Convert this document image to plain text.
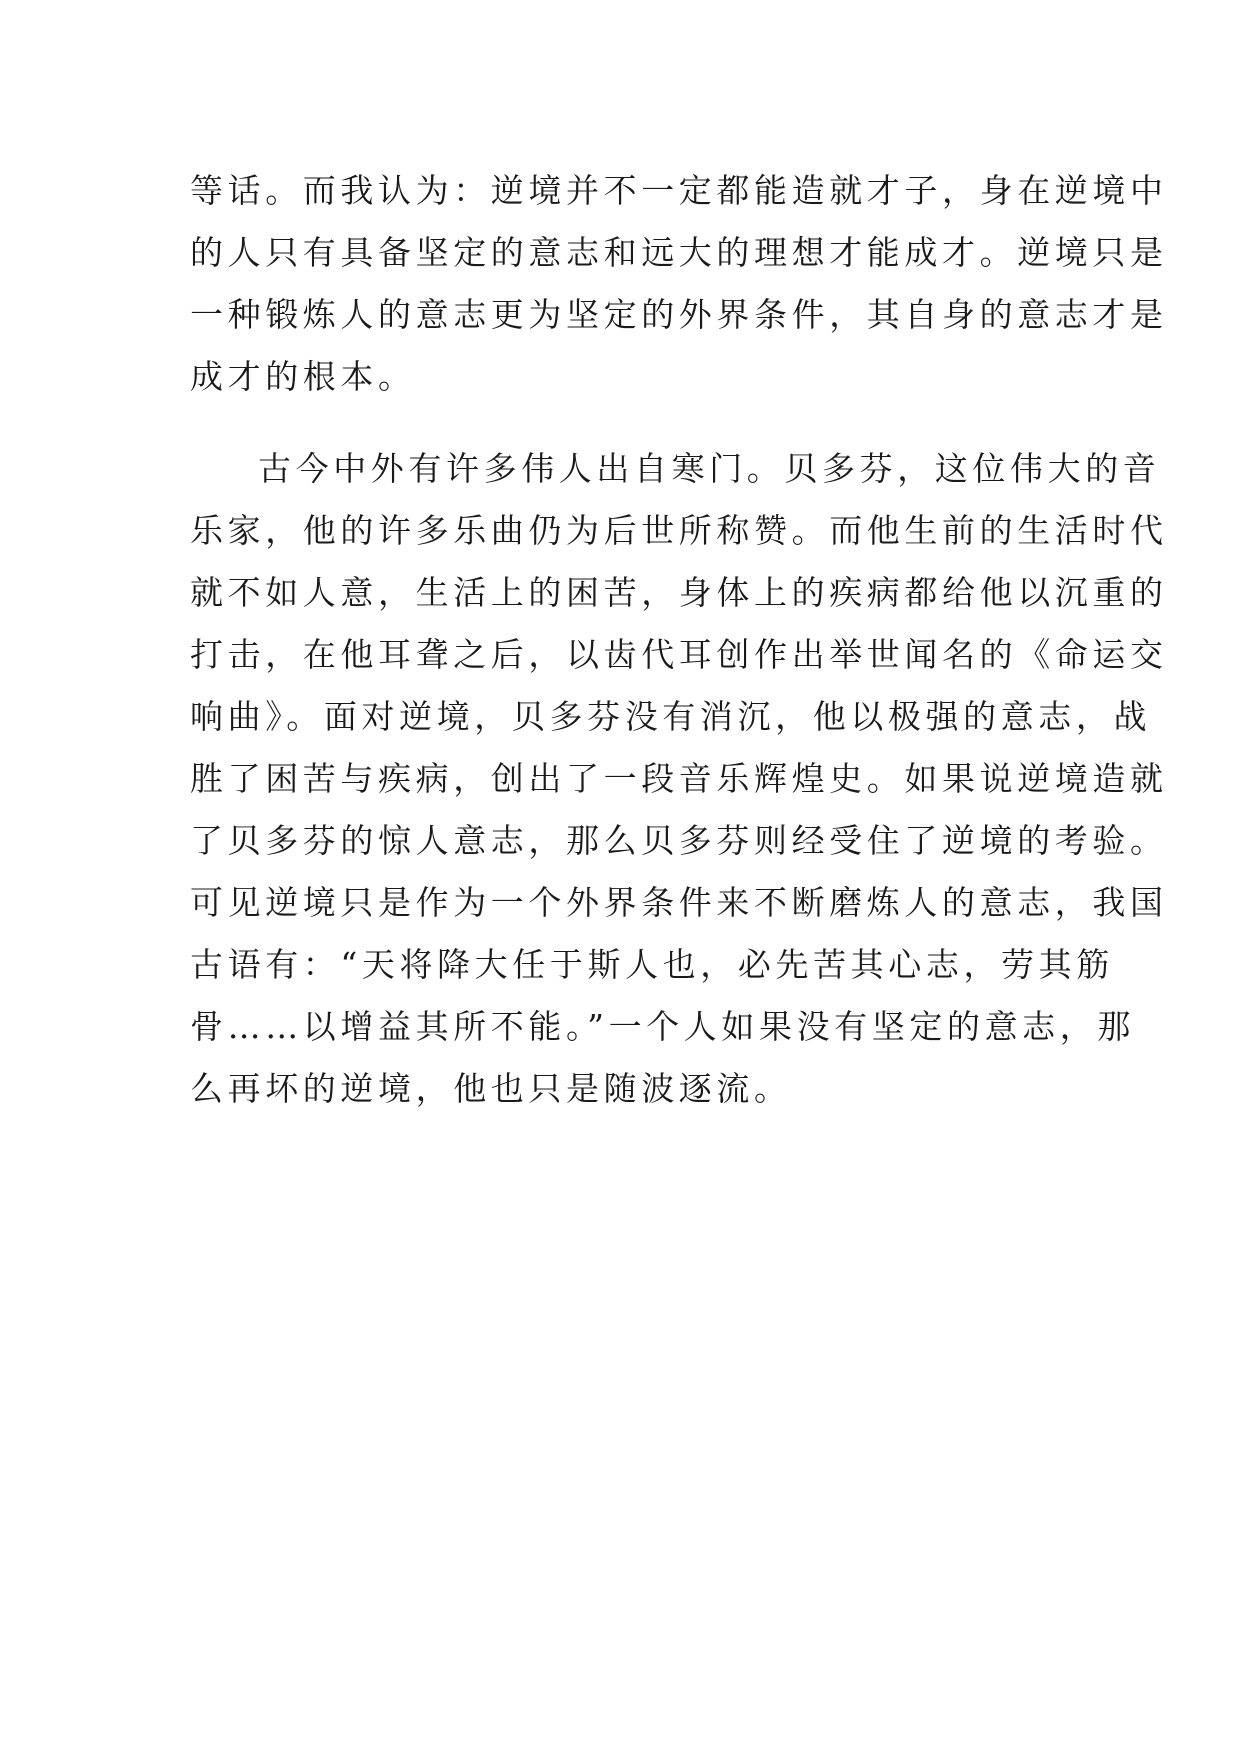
等话。而我认为：逆境并不一定都能造就才子，身在逆境中
的人只有具备坚定的意志和远大的理想才能成才。逆境只是
一种锻炼人的意志更为坚定的外界条件，其自身的意志才是
成才的根本。
古今中外有许多伟人出自寒门。贝多芬，这位伟大的音
乐家，他的许多乐曲仍为后世所称赞。而他生前的生活时代
就不如人意，生活上的困苦，身体上的疾病都给他以沉重的
打击，在他耳聋之后，以齿代耳创作出举世闻名的《命运交
响曲》。面对逆境，贝多芬没有消沉，他以极强的意志，战
胜了困苦与疾病，创出了一段音乐辉煌史。如果说逆境造就
了贝多芬的惊人意志，那么贝多芬则经受住了逆境的考验。
可见逆境只是作为一个外界条件来不断磨炼人的意志，我国
古语有：“天将降大任于斯人也，必先苦其心志，劳其筋
骨……以增益其所不能。”一个人如果没有坚定的意志，那
么再坏的逆境，他也只是随波逐流。
